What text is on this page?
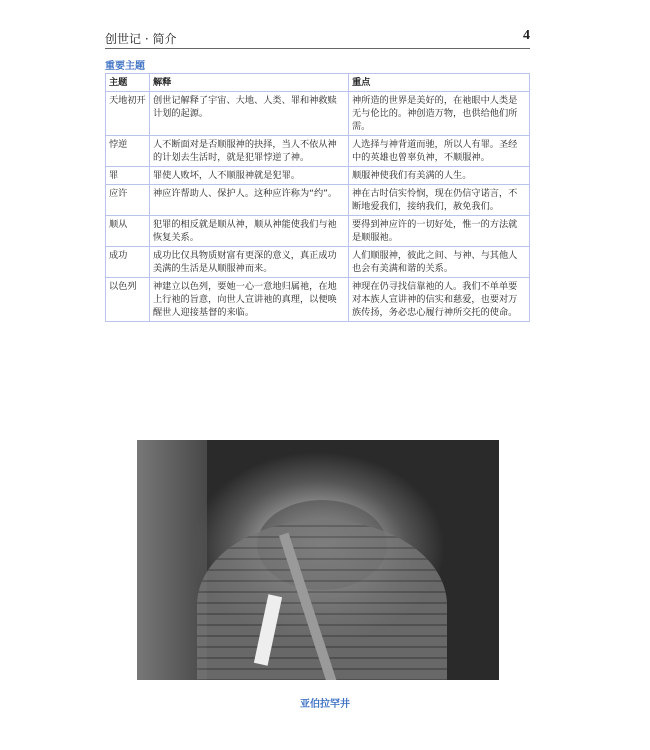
创世记 · 简介	4
重要主题
主题	解释	重点
天地初开	创世记解释了宇宙、大地、人类、罪和神救赎计划的起源。	神所造的世界是美好的，在祂眼中人类是无与伦比的。神创造万物，也供给他们所需。
悖逆	人不断面对是否顺服神的抉择，当人不依从神的计划去生活时，就是犯罪悖逆了神。	人选择与神背道而驰，所以人有罪。圣经中的英雄也曾辜负神，不顺服神。
罪	罪使人败坏，人不顺服神就是犯罪。	顺服神使我们有美满的人生。
应许	神应许帮助人、保护人。这种应许称为“约”。	神在古时信实怜悯，现在仍信守诺言，不断地爱我们，接纳我们，赦免我们。
顺从	犯罪的相反就是顺从神，顺从神能使我们与祂恢复关系。	要得到神应许的一切好处，惟一的方法就是顺服祂。
成功	成功比仅具物质财富有更深的意义，真正成功美满的生活是从顺服神而来。	人们顺服神，彼此之间、与神、与其他人也会有美满和谐的关系。
以色列	神建立以色列，要她一心一意地归属祂，在地上行祂的旨意，向世人宣讲祂的真理，以便唤醒世人迎接基督的来临。	神现在仍寻找信靠祂的人。我们不单单要对本族人宣讲神的信实和慈爱，也要对万族传扬，务必忠心履行神所交托的使命。
亚伯拉罕井
